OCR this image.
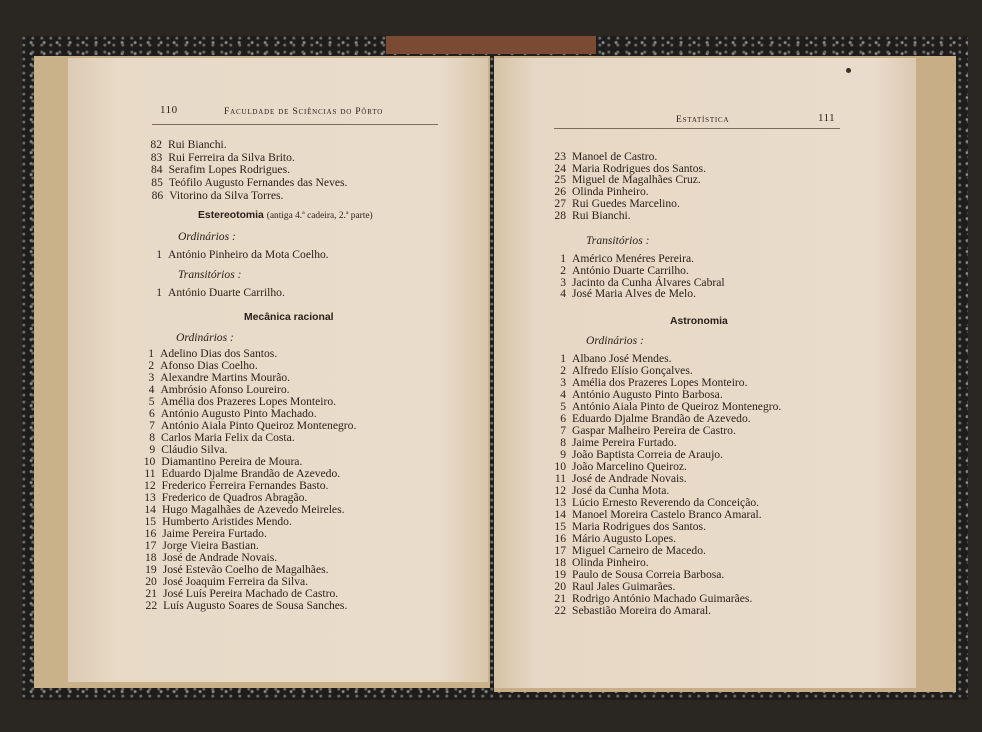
110	Faculdade de Sciências do Pôrto
82 Rui Bianchi.
83 Rui Ferreira da Silva Brito.
84 Serafim Lopes Rodrigues.
85 Teófilo Augusto Fernandes das Neves.
86 Vitorino da Silva Torres.
Estereotomia (antiga 4.ª cadeira, 2.ª parte)
Ordinários :
1 António Pinheiro da Mota Coelho.
Transitórios :
1 António Duarte Carrilho.
Mecânica racional
Ordinários :
1 Adelino Dias dos Santos.
2 Afonso Dias Coelho.
3 Alexandre Martins Mourão.
4 Ambrósio Afonso Loureiro.
5 Amélia dos Prazeres Lopes Monteiro.
6 António Augusto Pinto Machado.
7 António Aiala Pinto Queiroz Montenegro.
8 Carlos Maria Felix da Costa.
9 Cláudio Silva.
10 Diamantino Pereira de Moura.
11 Eduardo Djalme Brandão de Azevedo.
12 Frederico Ferreira Fernandes Basto.
13 Frederico de Quadros Abragão.
14 Hugo Magalhães de Azevedo Meireles.
15 Humberto Aristides Mendo.
16 Jaime Pereira Furtado.
17 Jorge Vieira Bastian.
18 José de Andrade Novais.
19 José Estevão Coelho de Magalhães.
20 José Joaquim Ferreira da Silva.
21 José Luís Pereira Machado de Castro.
22 Luís Augusto Soares de Sousa Sanches.
Estatística	111
23 Manoel de Castro.
24 Maria Rodrigues dos Santos.
25 Miguel de Magalhães Cruz.
26 Olinda Pinheiro.
27 Rui Guedes Marcelino.
28 Rui Bianchi.
Transitórios :
1 Américo Menéres Pereira.
2 António Duarte Carrilho.
3 Jacinto da Cunha Álvares Cabral
4 José Maria Alves de Melo.
Astronomia
Ordinários :
1 Albano José Mendes.
2 Alfredo Elísio Gonçalves.
3 Amélia dos Prazeres Lopes Monteiro.
4 António Augusto Pinto Barbosa.
5 António Aiala Pinto de Queiroz Montenegro.
6 Eduardo Djalme Brandão de Azevedo.
7 Gaspar Malheiro Pereira de Castro.
8 Jaime Pereira Furtado.
9 João Baptista Correia de Araujo.
10 João Marcelino Queiroz.
11 José de Andrade Novais.
12 José da Cunha Mota.
13 Lúcio Ernesto Reverendo da Conceição.
14 Manoel Moreira Castelo Branco Amaral.
15 Maria Rodrigues dos Santos.
16 Mário Augusto Lopes.
17 Miguel Carneiro de Macedo.
18 Olinda Pinheiro.
19 Paulo de Sousa Correia Barbosa.
20 Raul Jales Guimarães.
21 Rodrigo António Machado Guimarães.
22 Sebastião Moreira do Amaral.
